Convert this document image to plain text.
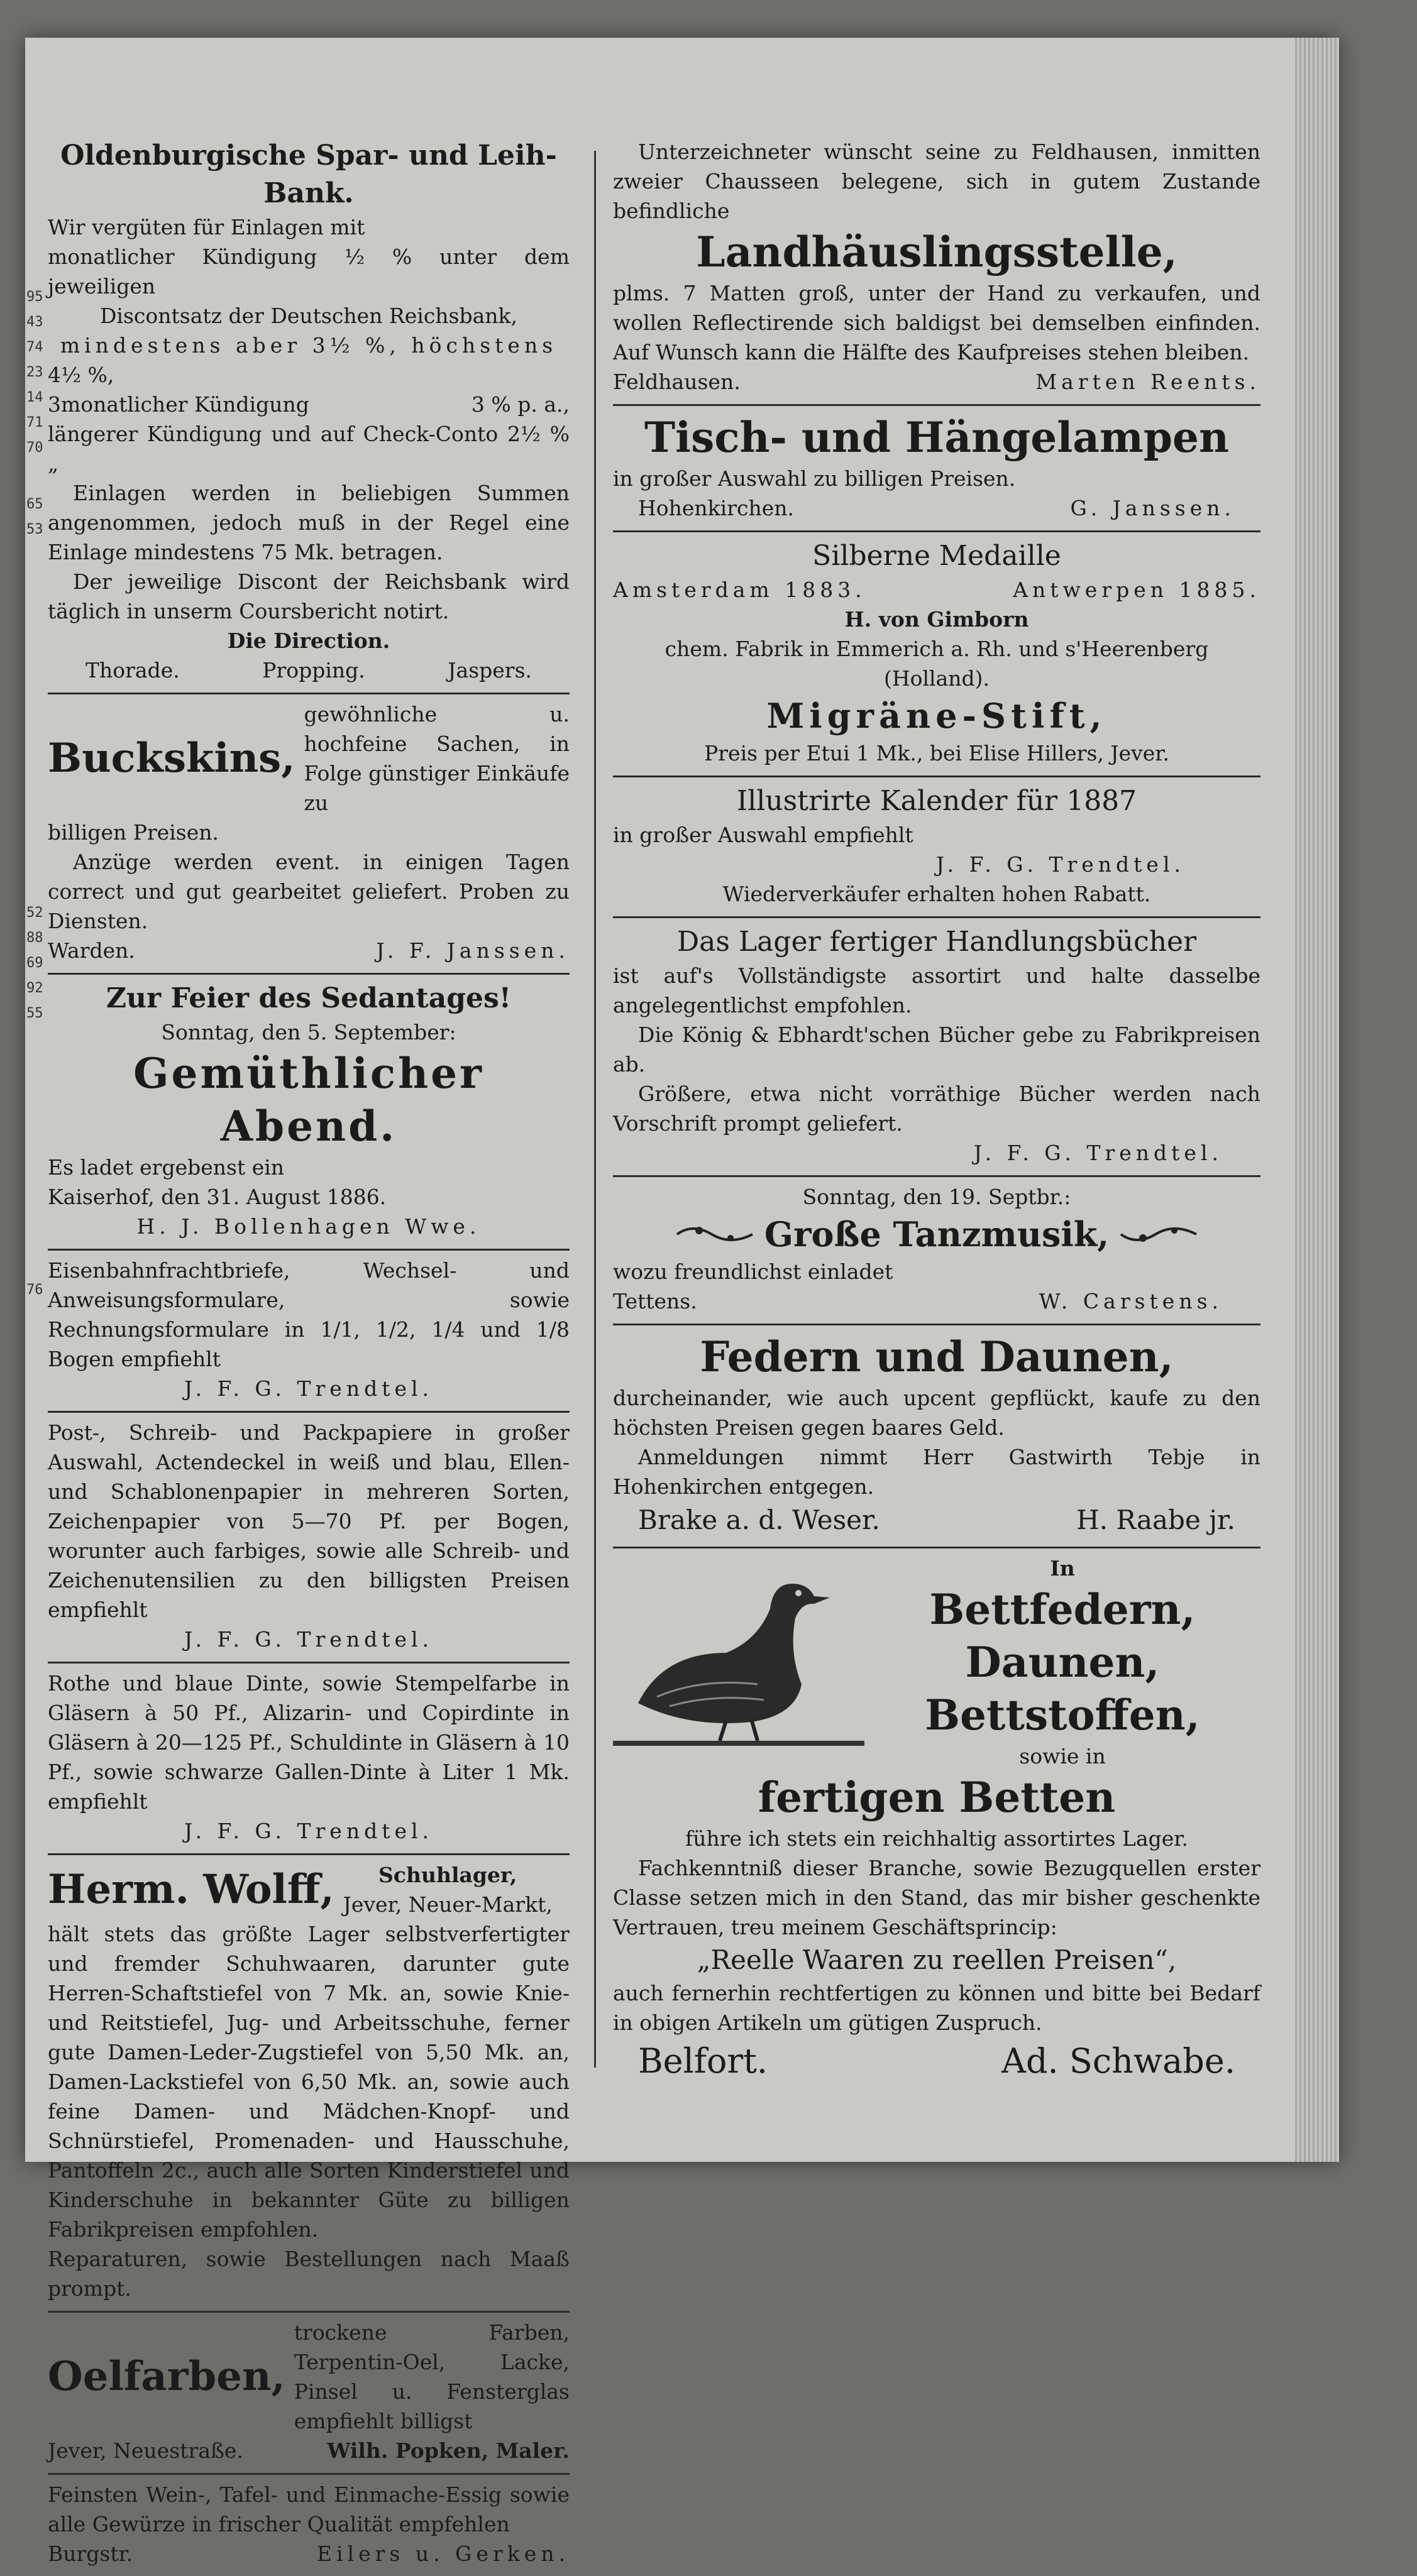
95
43
74
23
14
71
70
65
53
52
88
69
92
55
76

Oldenburgische Spar- und Leih-Bank.

Wir vergüten für Einlagen mit

monatlicher Kündigung ½ % unter dem jeweiligen

Discontsatz der Deutschen Reichsbank,

mindestens aber 3½ %, höchstens

4½ %,

3monatlicher Kündigung	3 % p. a.,

längerer Kündigung und auf Check-Conto 2½ % „

Einlagen werden in beliebigen Summen angenommen, jedoch muß in der Regel eine Einlage mindestens 75 Mk. betragen.

Der jeweilige Discont der Reichsbank wird täglich in unserm Coursbericht notirt.

Die Direction.

Thorade.	Propping.	Jaspers.
Buckskins,
gewöhnliche u. hochfeine Sachen, in Folge günstiger Einkäufe zu

billigen Preisen.

Anzüge werden event. in einigen Tagen correct und gut gearbeitet geliefert. Proben zu Diensten.

Warden.	J. F. Janssen.

Zur Feier des Sedantages!

Sonntag, den 5. September:

Gemüthlicher Abend.

Es ladet ergebenst ein

Kaiserhof, den 31. August 1886.

H. J. Bollenhagen Wwe.

Eisenbahnfrachtbriefe, Wechsel- und Anweisungsformulare, sowie Rechnungsformulare in 1/1, 1/2, 1/4 und 1/8 Bogen empfiehlt

J. F. G. Trendtel.

Post-, Schreib- und Packpapiere in großer Auswahl, Actendeckel in weiß und blau, Ellen- und Schablonenpapier in mehreren Sorten, Zeichenpapier von 5—70 Pf. per Bogen, worunter auch farbiges, sowie alle Schreib- und Zeichenutensilien zu den billigsten Preisen empfiehlt

J. F. G. Trendtel.

Rothe und blaue Dinte, sowie Stempelfarbe in Gläsern à 50 Pf., Alizarin- und Copirdinte in Gläsern à 20—125 Pf., Schuldinte in Gläsern à 10 Pf., sowie schwarze Gallen-Dinte à Liter 1 Mk. empfiehlt

J. F. G. Trendtel.

Herm. Wolff,	Schuhlager,

Jever, Neuer-Markt,

hält stets das größte Lager selbstverfertigter und fremder Schuhwaaren, darunter gute Herren-Schaftstiefel von 7 Mk. an, sowie Knie- und Reitstiefel, Jug- und Arbeitsschuhe, ferner gute Damen-Leder-Zugstiefel von 5,50 Mk. an, Damen-Lackstiefel von 6,50 Mk. an, sowie auch feine Damen- und Mädchen-Knopf- und Schnürstiefel, Promenaden- und Hausschuhe, Pantoffeln 2c., auch alle Sorten Kinderstiefel und Kinderschuhe in bekannter Güte zu billigen Fabrikpreisen empfohlen.

Reparaturen, sowie Bestellungen nach Maaß prompt.

Oelfarben,
trockene Farben, Terpentin-Oel, Lacke, Pinsel u. Fensterglas empfiehlt billigst
Jever, Neuestraße.	Wilh. Popken, Maler.

Feinsten Wein-, Tafel- und Einmache-Essig sowie alle Gewürze in frischer Qualität empfehlen

Burgstr.	Eilers u. Gerken.

Unterzeichneter wünscht seine zu Feldhausen, inmitten zweier Chausseen belegene, sich in gutem Zustande befindliche

Landhäuslingsstelle,

plms. 7 Matten groß, unter der Hand zu verkaufen, und wollen Reflectirende sich baldigst bei demselben einfinden. Auf Wunsch kann die Hälfte des Kaufpreises stehen bleiben.

Feldhausen.	Marten Reents.

Tisch- und Hängelampen

in großer Auswahl zu billigen Preisen.

Hohenkirchen.	G. Janssen.

Silberne Medaille

Amsterdam 1883.	Antwerpen 1885.

H. von Gimborn

chem. Fabrik in Emmerich a. Rh. und s'Heerenberg

(Holland).

Migräne-Stift,

Preis per Etui 1 Mk., bei Elise Hillers, Jever.

Illustrirte Kalender für 1887

in großer Auswahl empfiehlt

J. F. G. Trendtel.

Wiederverkäufer erhalten hohen Rabatt.

Das Lager fertiger Handlungsbücher

ist auf's Vollständigste assortirt und halte dasselbe angelegentlichst empfohlen.

Die König & Ebhardt'schen Bücher gebe zu Fabrikpreisen ab.

Größere, etwa nicht vorräthige Bücher werden nach Vorschrift prompt geliefert.

J. F. G. Trendtel.

Sonntag, den 19. Septbr.:

Große Tanzmusik,

wozu freundlichst einladet

Tettens.	W. Carstens.

Federn und Daunen,

durcheinander, wie auch upcent gepflückt, kaufe zu den höchsten Preisen gegen baares Geld.

Anmeldungen nimmt Herr Gastwirth Tebje in Hohenkirchen entgegen.

Brake a. d. Weser.	H. Raabe jr.

In

Bettfedern,

Daunen,

Bettstoffen,

sowie in

fertigen Betten

führe ich stets ein reichhaltig assortirtes Lager.

Fachkenntniß dieser Branche, sowie Bezugquellen erster Classe setzen mich in den Stand, das mir bisher geschenkte Vertrauen, treu meinem Geschäftsprincip:

„Reelle Waaren zu reellen Preisen“,

auch fernerhin rechtfertigen zu können und bitte bei Bedarf in obigen Artikeln um gütigen Zuspruch.

Belfort.	Ad. Schwabe.
